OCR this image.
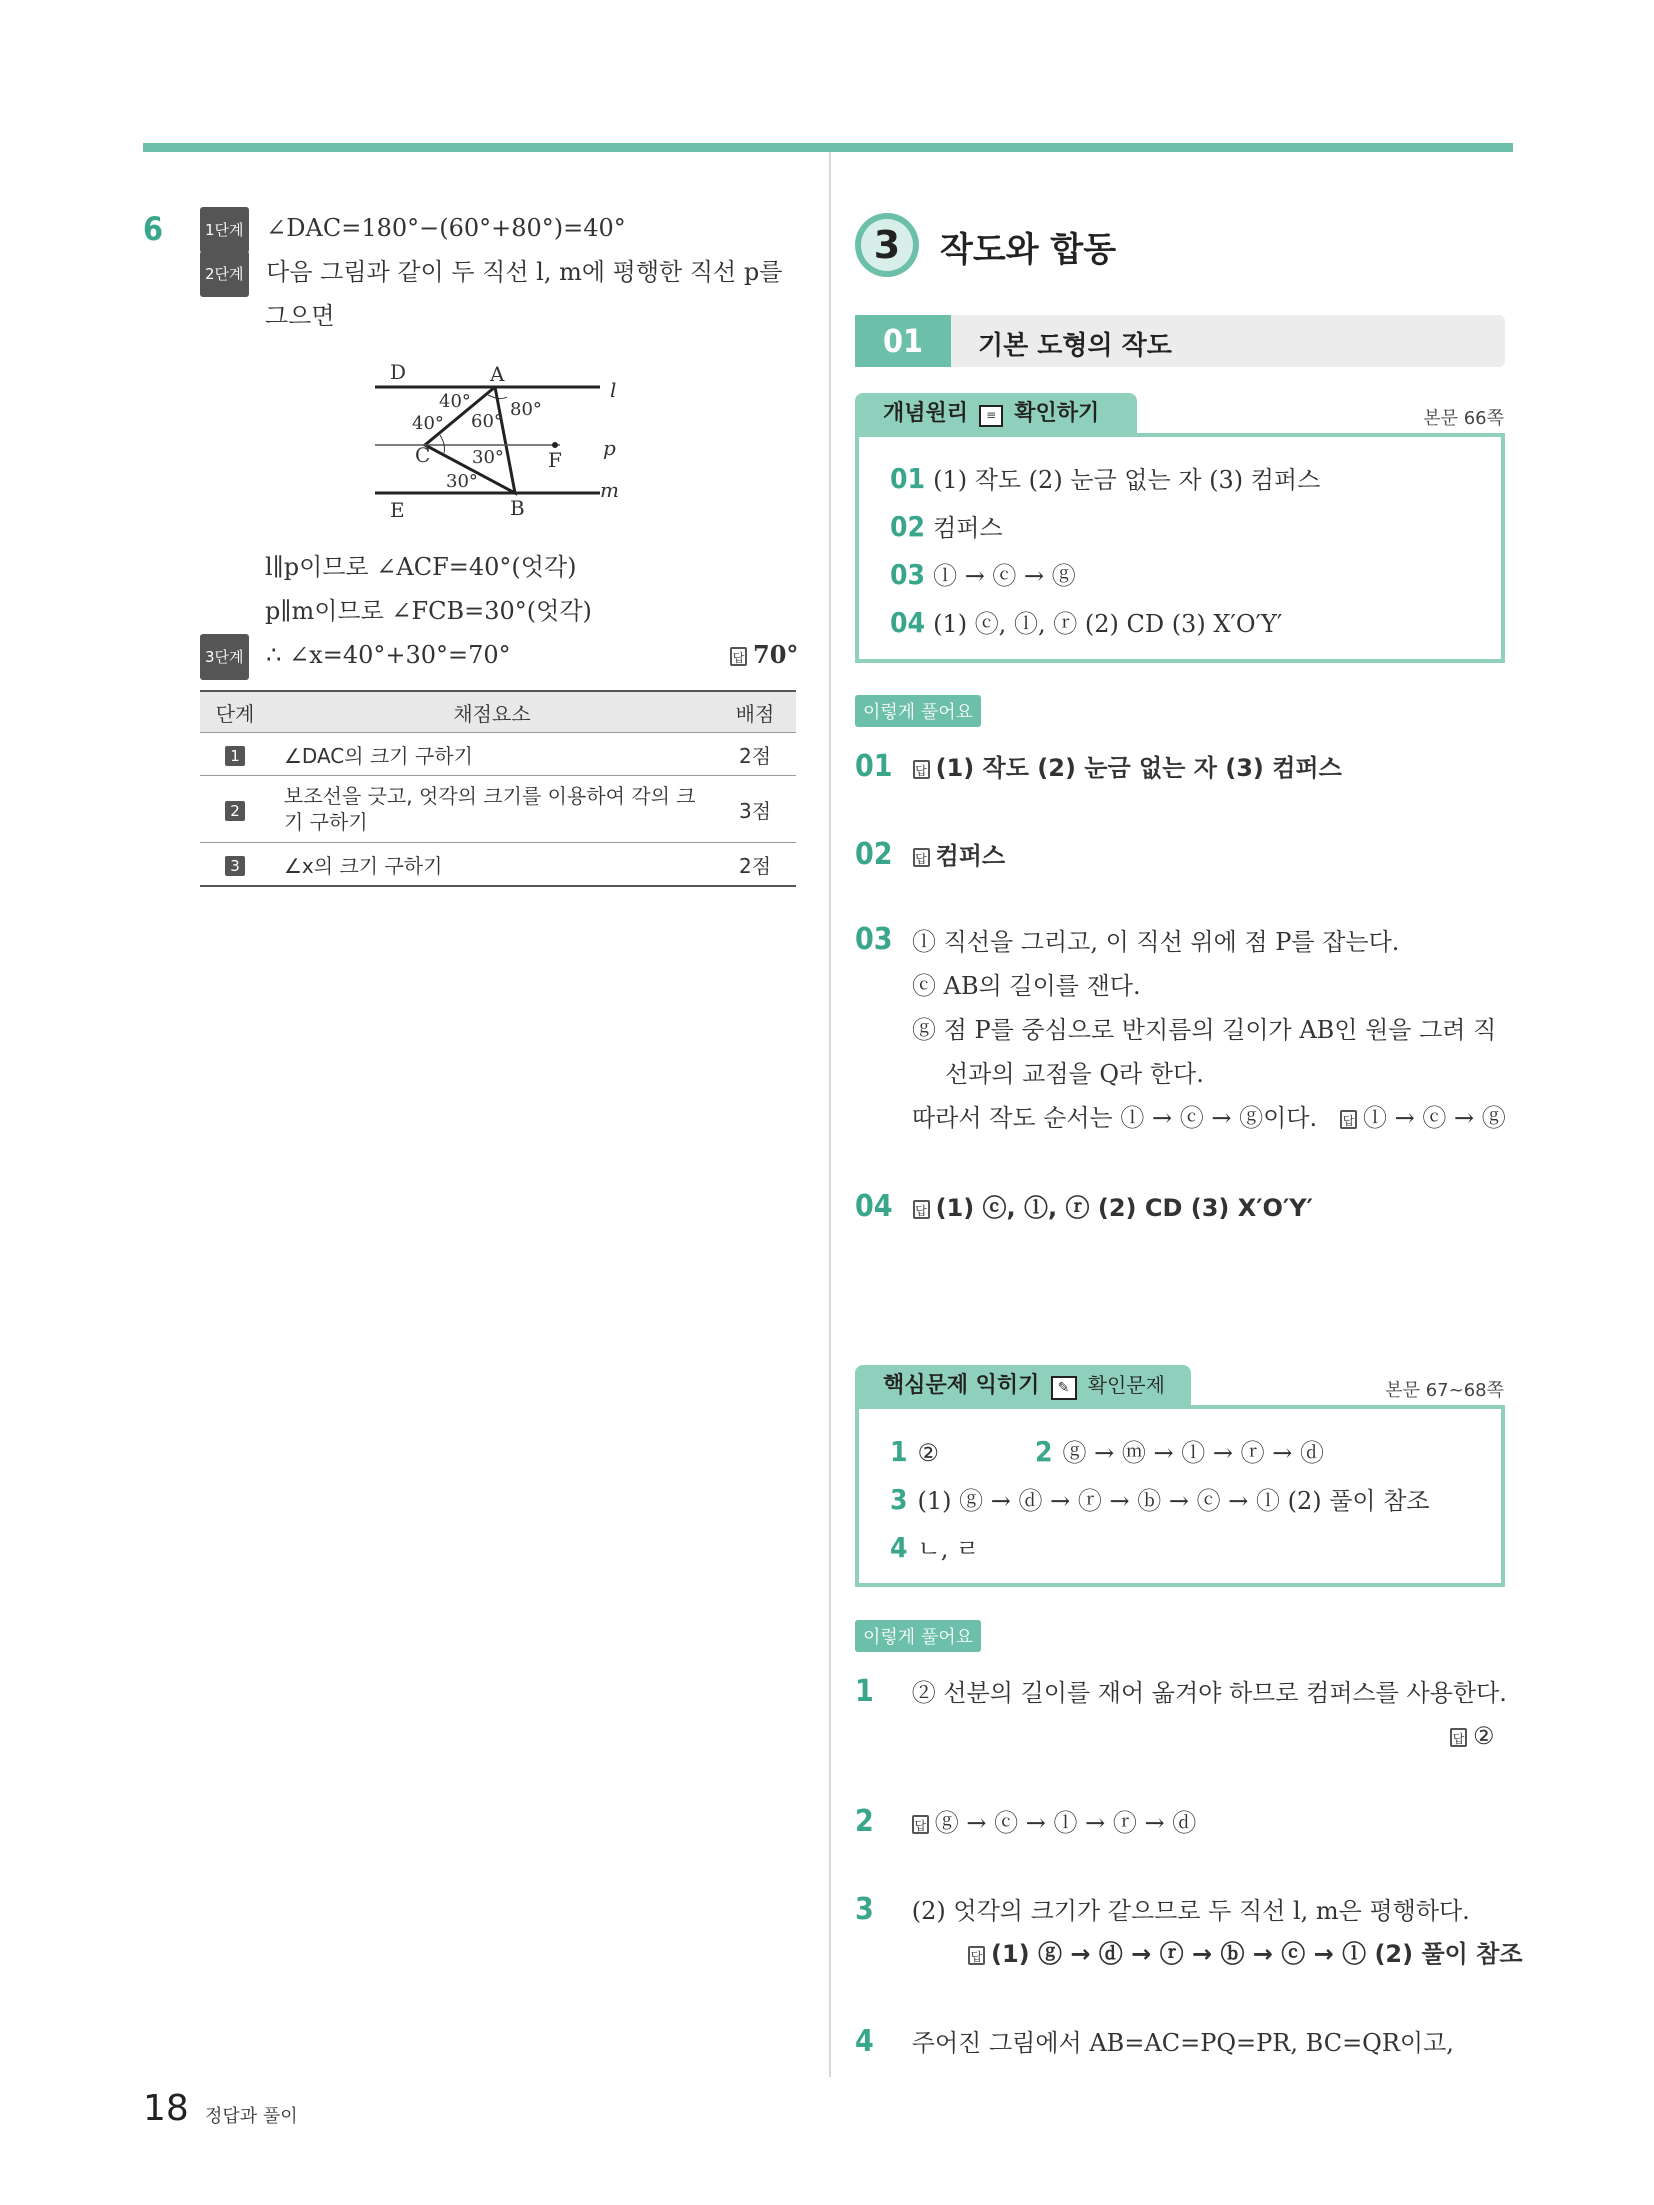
6	1단계 ∠DAC=180°−(60°+80°)=40°
2단계 다음 그림과 같이 두 직선 l, m에 평행한 직선 p를
그으면
D	A
l
40° 80°
40° 60°
C 30° F p
30°
E	B
m
l∥p이므로 ∠ACF=40°(엇각)
p∥m이므로 ∠FCB=30°(엇각)
3단계 ∴ ∠x=40°+30°=70°	답 70°
단계	채점요소	배점
1	∠DAC의 크기 구하기	2점
2	보조선을 긋고, 엇각의 크기를 이용하여 각의 크
기 구하기	3점
3	∠x의 크기 구하기	2점
3	작도와 합동
01	기본 도형의 작도
개념원리 ≡ 확인하기	본문 66쪽
01 (1) 작도 (2) 눈금 없는 자 (3) 컴퍼스
02 컴퍼스
03 ⓛ → ⓒ → ⓖ
04 (1) ⓒ, ⓛ, ⓡ (2) CD (3) X′O′Y′
이렇게 풀어요
01 답 (1) 작도 (2) 눈금 없는 자 (3) 컴퍼스
02 답 컴퍼스
03 ⓛ 직선을 그리고, 이 직선 위에 점 P를 잡는다.
ⓒ AB의 길이를 잰다.
ⓖ 점 P를 중심으로 반지름의 길이가 AB인 원을 그려 직
선과의 교점을 Q라 한다.
따라서 작도 순서는 ⓛ → ⓒ → ⓖ이다. 답 ⓛ → ⓒ → ⓖ
04 답 (1) ⓒ, ⓛ, ⓡ (2) CD (3) X′O′Y′
핵심문제 익히기 ✎ 확인문제	본문 67~68쪽
1 ②	2 ⓖ → ⓜ → ⓛ → ⓡ → ⓓ
3 (1) ⓖ → ⓓ → ⓡ → ⓑ → ⓒ → ⓛ (2) 풀이 참조
4 ㄴ, ㄹ
이렇게 풀어요
1 ② 선분의 길이를 재어 옮겨야 하므로 컴퍼스를 사용한다.
답 ②
2	답 ⓖ → ⓒ → ⓛ → ⓡ → ⓓ
3 (2) 엇각의 크기가 같으므로 두 직선 l, m은 평행하다.
답 (1) ⓖ → ⓓ → ⓡ → ⓑ → ⓒ → ⓛ (2) 풀이 참조
4 주어진 그림에서 AB=AC=PQ=PR, BC=QR이고,
18 정답과 풀이
